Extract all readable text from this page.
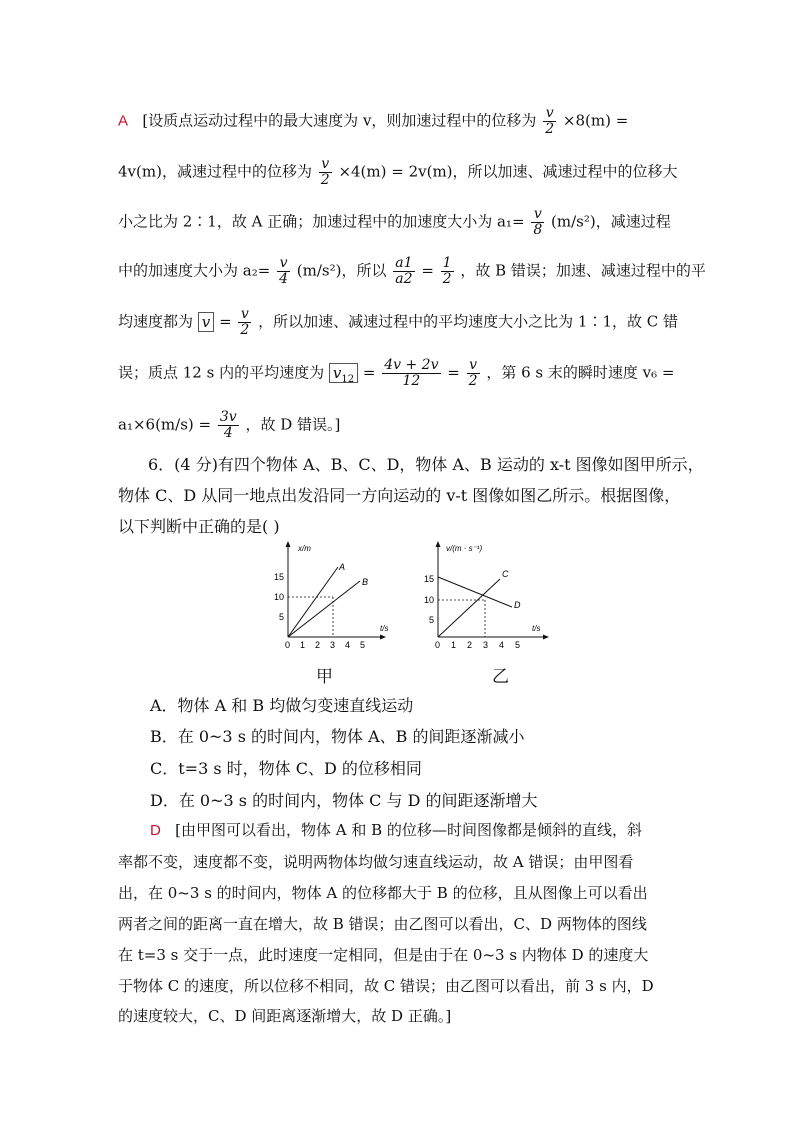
A [设质点运动过程中的最大速度为 v，则加速过程中的位移为 $\frac{v}{2} \times 8(m)$ =
4v(m)，减速过程中的位移为 $\frac{v}{2} \times 4(m) = 2v(m)$，所以加速、减速过程中的位移大
小之比为 2∶1，故 A 正确；加速过程中的加速度大小为 $a_1= \frac{v}{8} (m/s^2)$，减速过程
中的加速度大小为 $a_2= \frac{v}{4} (m/s^2)$，所以 $\frac{a1}{a2} = \frac{1}{2}$ ，故 B 错误；加速、减速过程中的平
均速度都为 $v = \frac{v}{2}$ ，所以加速、减速过程中的平均速度大小之比为 1∶1，故 C 错
误；质点 12 s 内的平均速度为 $v_{12} = \frac{4v + 2v}{12} = \frac{v}{2}$ ，第 6 s 末的瞬时速度 v₆ =
$a_1\times 6(m/s) = \frac{3v}{4}$ ，故 D 错误。]
6．(4 分)有四个物体 A、B、C、D，物体 A、B 运动的 x-t 图像如图甲所示，
物体 C、D 从同一地点出发沿同一方向运动的 v-t 图像如图乙所示。根据图像，
以下判断中正确的是( )
x/m
t/s
A
B
15
10
5
0 1 2 3 4 5
甲
v/(m · s⁻¹)
t/s
C
D
15
10
5
0 1 2 3 4 5
乙
A．物体 A 和 B 均做匀变速直线运动
B．在 0~3 s 的时间内，物体 A、B 的间距逐渐减小
C．t=3 s 时，物体 C、D 的位移相同
D．在 0~3 s 的时间内，物体 C 与 D 的间距逐渐增大
D [由甲图可以看出，物体 A 和 B 的位移—时间图像都是倾斜的直线，斜
率都不变，速度都不变，说明两物体均做匀速直线运动，故 A 错误；由甲图看
出，在 0~3 s 的时间内，物体 A 的位移都大于 B 的位移，且从图像上可以看出
两者之间的距离一直在增大，故 B 错误；由乙图可以看出，C、D 两物体的图线
在 t=3 s 交于一点，此时速度一定相同，但是由于在 0~3 s 内物体 D 的速度大
于物体 C 的速度，所以位移不相同，故 C 错误；由乙图可以看出，前 3 s 内，D
的速度较大，C、D 间距离逐渐增大，故 D 正确。]
